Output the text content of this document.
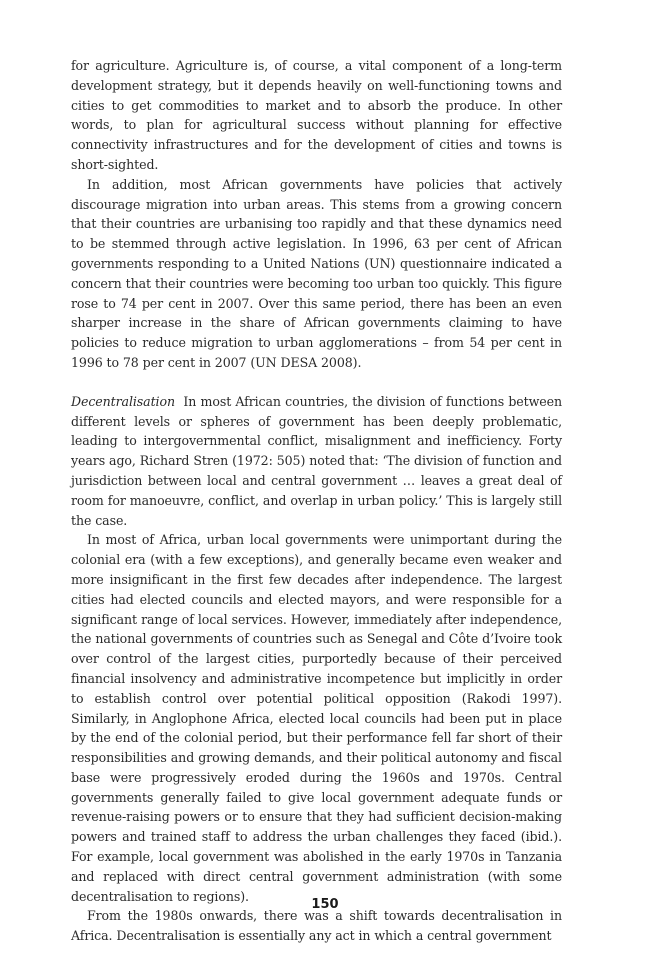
for agriculture. Agriculture is, of course, a vital component of a long-term development strategy, but it depends heavily on well-functioning towns and cities to get commodities to market and to absorb the produce. In other words, to plan for agricultural success without planning for effective connectivity infrastructures and for the development of cities and towns is short-sighted.

In addition, most African governments have policies that actively discourage migration into urban areas. This stems from a growing concern that their countries are urbanising too rapidly and that these dynamics need to be stemmed through active legislation. In 1996, 63 per cent of African governments responding to a United Nations (UN) questionnaire indicated a concern that their countries were becoming too urban too quickly. This figure rose to 74 per cent in 2007. Over this same period, there has been an even sharper increase in the share of African governments claiming to have policies to reduce migration to urban agglomerations – from 54 per cent in 1996 to 78 per cent in 2007 (UN DESA 2008).

Decentralisation In most African countries, the division of functions between different levels or spheres of government has been deeply problematic, leading to intergovernmental conflict, misalignment and inefficiency. Forty years ago, Richard Stren (1972: 505) noted that: ‘The division of function and jurisdiction between local and central government … leaves a great deal of room for manoeuvre, conflict, and overlap in urban policy.’ This is largely still the case.

In most of Africa, urban local governments were unimportant during the colonial era (with a few exceptions), and generally became even weaker and more insignificant in the first few decades after independence. The largest cities had elected councils and elected mayors, and were responsible for a significant range of local services. However, immediately after independence, the national governments of countries such as Senegal and Côte d’Ivoire took over control of the largest cities, purportedly because of their perceived financial insolvency and administrative incompetence but implicitly in order to establish control over potential political opposition (Rakodi 1997). Similarly, in Anglophone Africa, elected local councils had been put in place by the end of the colonial period, but their performance fell far short of their responsibilities and growing demands, and their political autonomy and fiscal base were progressively eroded during the 1960s and 1970s. Central governments generally failed to give local government adequate funds or revenue-raising powers or to ensure that they had sufficient decision-making powers and trained staff to address the urban challenges they faced (ibid.). For example, local government was abolished in the early 1970s in Tanzania and replaced with direct central government administration (with some decentralisation to regions).

From the 1980s onwards, there was a shift towards decentralisation in Africa. Decentralisation is essentially any act in which a central government

150
